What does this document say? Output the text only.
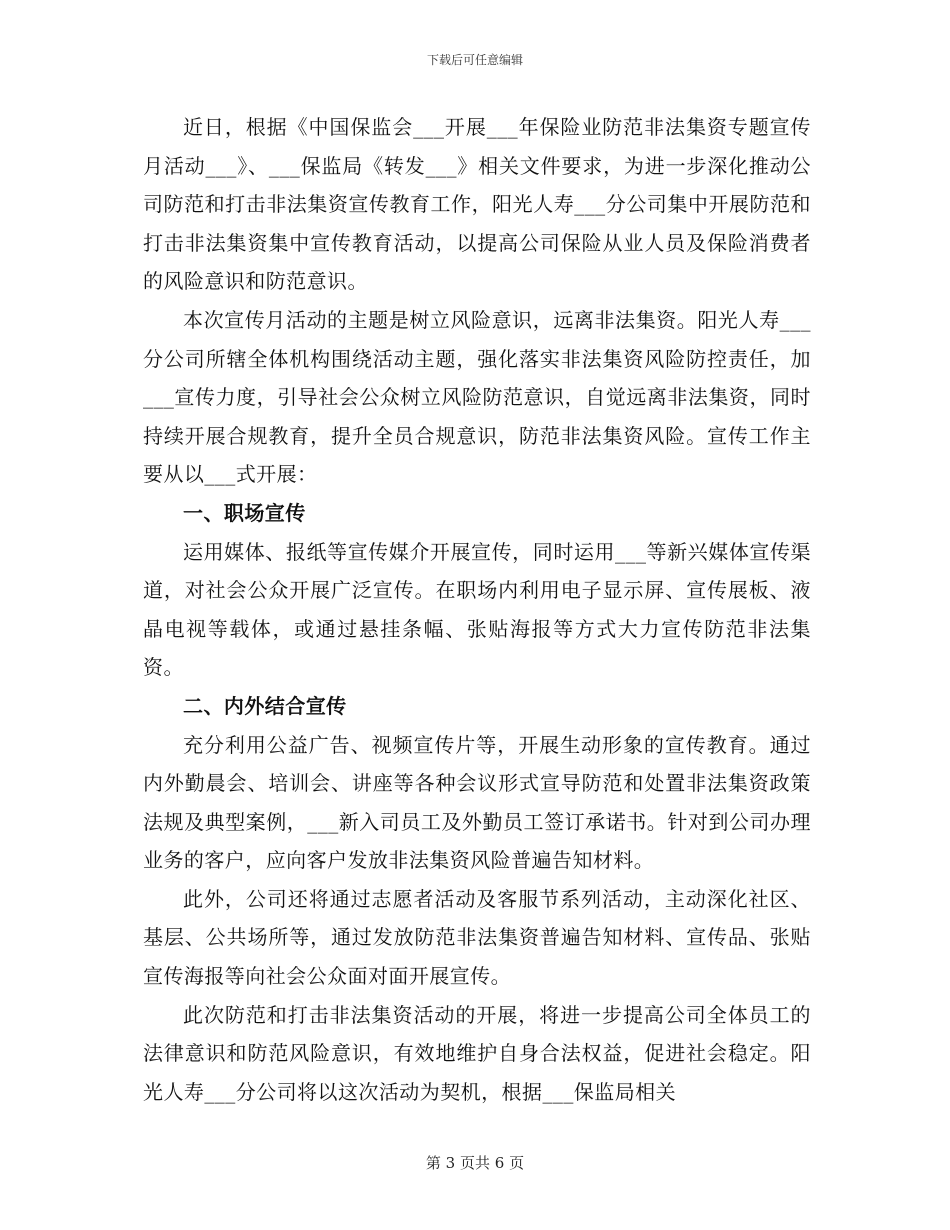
下载后可任意编辑

近日，根据《中国保监会___开展___年保险业防范非法集资专题宣传月活动___》、___保监局《转发___》相关文件要求，为进一步深化推动公司防范和打击非法集资宣传教育工作，阳光人寿___分公司集中开展防范和打击非法集资集中宣传教育活动，以提高公司保险从业人员及保险消费者的风险意识和防范意识。

本次宣传月活动的主题是树立风险意识，远离非法集资。阳光人寿___分公司所辖全体机构围绕活动主题，强化落实非法集资风险防控责任，加___宣传力度，引导社会公众树立风险防范意识，自觉远离非法集资，同时持续开展合规教育，提升全员合规意识，防范非法集资风险。宣传工作主要从以___式开展：

一、职场宣传

运用媒体、报纸等宣传媒介开展宣传，同时运用___等新兴媒体宣传渠道，对社会公众开展广泛宣传。在职场内利用电子显示屏、宣传展板、液晶电视等载体，或通过悬挂条幅、张贴海报等方式大力宣传防范非法集资。

二、内外结合宣传

充分利用公益广告、视频宣传片等，开展生动形象的宣传教育。通过内外勤晨会、培训会、讲座等各种会议形式宣导防范和处置非法集资政策法规及典型案例，___新入司员工及外勤员工签订承诺书。针对到公司办理业务的客户，应向客户发放非法集资风险普遍告知材料。

此外，公司还将通过志愿者活动及客服节系列活动，主动深化社区、基层、公共场所等，通过发放防范非法集资普遍告知材料、宣传品、张贴宣传海报等向社会公众面对面开展宣传。

此次防范和打击非法集资活动的开展，将进一步提高公司全体员工的法律意识和防范风险意识，有效地维护自身合法权益，促进社会稳定。阳光人寿___分公司将以这次活动为契机，根据___保监局相关

第 3 页共 6 页
